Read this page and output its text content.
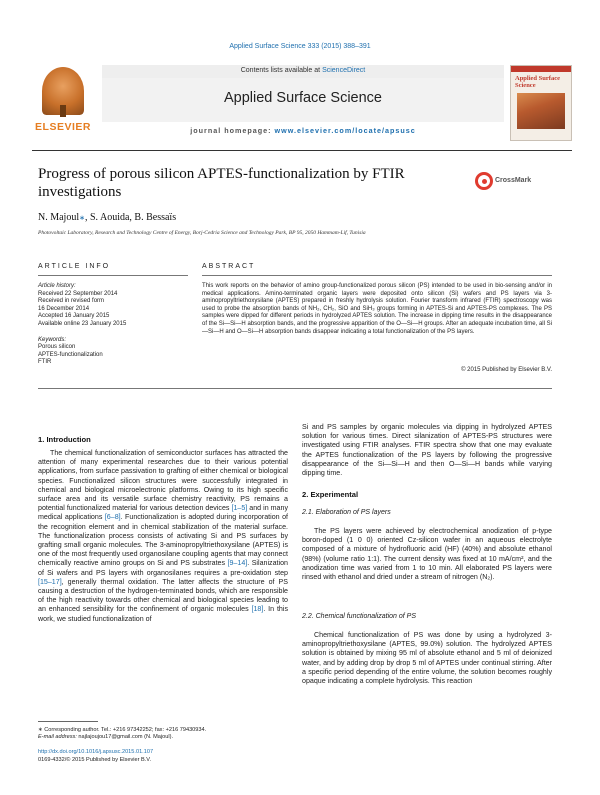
Applied Surface Science 333 (2015) 388–391
ELSEVIER
Contents lists available at ScienceDirect
Applied Surface Science
journal homepage: www.elsevier.com/locate/apsusc
Applied Surface Science
Progress of porous silicon APTES-functionalization by FTIR investigations
CrossMark
N. Majoul∗, S. Aouida, B. Bessaïs
Photovoltaic Laboratory, Research and Technology Centre of Energy, Borj-Cedria Science and Technology Park, BP 95, 2050 Hammam-Lif, Tunisia
ARTICLE INFO	ABSTRACT
Article history:
Received 22 September 2014
Received in revised form
16 December 2014
Accepted 16 January 2015
Available online 23 January 2015
Keywords:
Porous silicon
APTES-functionalization
FTIR
This work reports on the behavior of amino group-functionalized porous silicon (PS) intended to be used in bio-sensing and/or in medical applications. Amino-terminated organic layers were deposited onto silicon (Si) wafers and PS layers via 3-aminopropyltriethoxysilane (APTES) prepared in freshly hydrolysis solution. Fourier transform infrared (FTIR) spectroscopy was used to probe the absorption bands of NH₂, CH₂, SiO and SiH₃ groups forming in APTES-Si and APTES-PS complexes. The PS samples were dipped for different periods in hydrolyzed APTES solution. The increase in dipping time results in the disappearance of the Si—Si—H absorption bands, and the progressive apparition of the O—Si—H groups. After an adequate incubation time, all Si—Si—H and O—Si—H absorption bands disappear indicating a total functionalization of the PS layers.
© 2015 Published by Elsevier B.V.
1. Introduction

The chemical functionalization of semiconductor surfaces has attracted the attention of many experimental researches due to their various potential applications, from surface passivation to grafting of either chemical or biological species. Functionalized silicon structures were successfully integrated in chemical and biological microelectronic platforms. Owing to its high specific surface area and its versatile surface chemistry reactivity, PS remains a potential functionalized material for various detection devices [1–5] and in many medical applications [6–8]. Functionalization is adopted during incorporation of the recognition element and in chemical stabilization of the material surface. The functionalization process consists of activating Si and PS surfaces by grafting small organic molecules. The 3-aminopropyltriethoxysilane (APTES) is one of the most frequently used organosilane coupling agents that may connect chemically reactive amino groups on Si and PS substrates [9–14]. Silanization of Si wafers and PS layers with organosilanes requires a pre-oxidation step [15–17], generally thermal oxidation. The latter affects the structure of PS causing a destruction of the hydrogen-terminated bonds, which are responsible of the high reactivity towards other chemical and biological species leading to an enhanced sensibility for the confinement of organic molecules [18]. In this work, we studied functionalization of

Si and PS samples by organic molecules via dipping in hydrolyzed APTES solution for various times. Direct silanization of APTES-PS structures were investigated using FTIR analyses. FTIR spectra show that one may evaluate the APTES functionalization of the PS layers by following the progressive disappearance of the Si—Si—H and then O—Si—H bands while varying dipping time.

2. Experimental
2.1. Elaboration of PS layers

The PS layers were achieved by electrochemical anodization of p-type boron-doped (1 0 0) oriented Cz-silicon wafer in an aqueous electrolyte composed of a mixture of hydrofluoric acid (HF) (40%) and absolute ethanol (98%) (volume ratio 1:1). The current density was fixed at 10 mA/cm², and the anodization time was varied from 1 to 10 min. All elaborated PS layers were rinsed with ethanol and dried under a stream of nitrogen (N₂).

2.2. Chemical functionalization of PS

Chemical functionalization of PS was done by using a hydrolyzed 3-aminopropyltriethoxysilane (APTES, 99.0%) solution. The hydrolyzed APTES solution is obtained by mixing 95 ml of absolute ethanol and 5 ml of deionized water, and by adding drop by drop 5 ml of APTES under continual stirring. After a specific period depending of the entire volume, the solution becomes roughly opaque indicating a complete hydrolysis. This reaction

∗ Corresponding author. Tel.: +216 97342252; fax: +216 79430934.
E-mail address: najlajoujou17@gmail.com (N. Majoul).
http://dx.doi.org/10.1016/j.apsusc.2015.01.107
0169-4332/© 2015 Published by Elsevier B.V.
